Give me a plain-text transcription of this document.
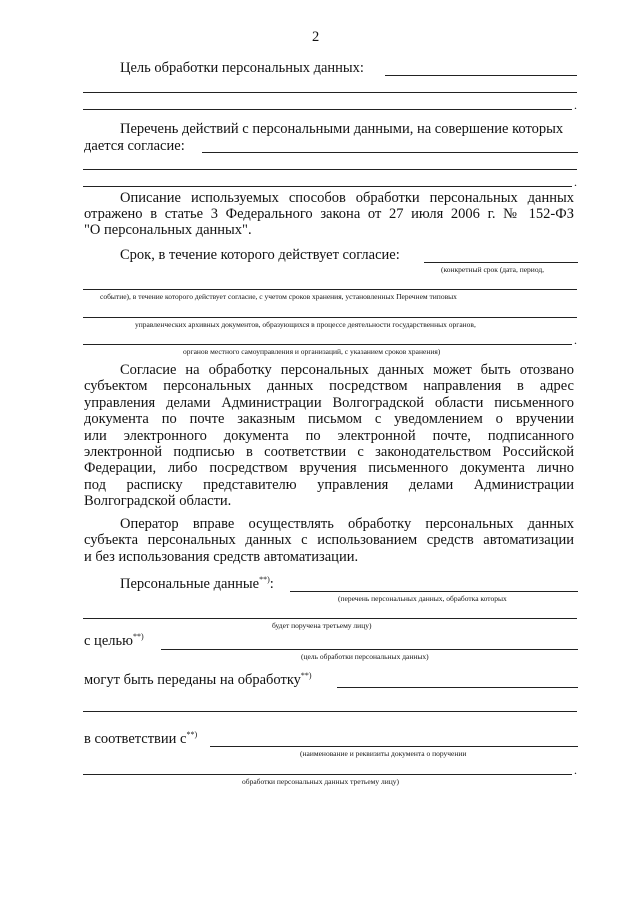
2
Цель обработки персональных данных:
.
Перечень действий с персональными данными, на совершение которых
дается согласие:
.
Описание используемых способов обработки персональных данных
отражено в статье 3 Федерального закона от 27 июля 2006 г. № 152-ФЗ
"О персональных данных".
Срок, в течение которого действует согласие:
(конкретный срок (дата, период,
событие), в течение которого действует согласие, с учетом сроков хранения, установленных Перечнем типовых
управленческих архивных документов, образующихся в процессе деятельности государственных органов,
.
органов местного самоуправления и организаций, с указанием сроков хранения)
Согласие на обработку персональных данных может быть отозвано
субъектом персональных данных посредством направления в адрес
управления делами Администрации Волгоградской области письменного
документа по почте заказным письмом с уведомлением о вручении
или электронного документа по электронной почте, подписанного
электронной подписью в соответствии с законодательством Российской
Федерации, либо посредством вручения письменного документа лично
под расписку представителю управления делами Администрации
Волгоградской области.
Оператор вправе осуществлять обработку персональных данных
субъекта персональных данных с использованием средств автоматизации
и без использования средств автоматизации.
Персональные данные**):
(перечень персональных данных, обработка которых
будет поручена третьему лицу)
с целью**)
(цель обработки персональных данных)
могут быть переданы на обработку**)
в соответствии с**)
(наименование и реквизиты документа о поручении
.
обработки персональных данных третьему лицу)
